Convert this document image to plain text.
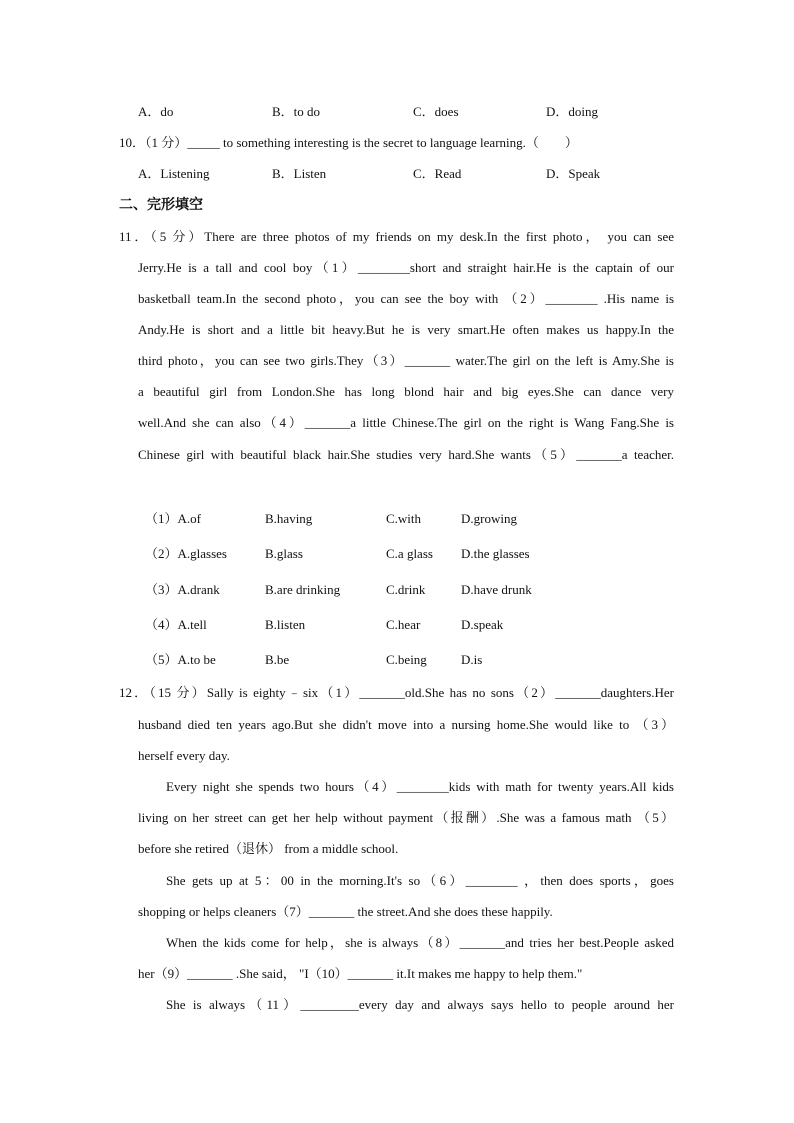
A．do	B．to do	C．does	D．doing
10．（1 分）_____ to something interesting is the secret to language learning.（　　）
A．Listening	B．Listen	C．Read	D．Speak
二、完形填空
11．（5 分）There are three photos of my friends on my desk.In the first photo， you can see
Jerry.He is a tall and cool boy（1）________short and straight hair.He is the captain of our
basketball team.In the second photo，you can see the boy with （2）________ .His name is
Andy.He is short and a little bit heavy.But he is very smart.He often makes us happy.In the
third photo，you can see two girls.They（3）_______ water.The girl on the left is Amy.She is
a beautiful girl from London.She has long blond hair and big eyes.She can dance very
well.And she can also（4）_______a little Chinese.The girl on the right is Wang Fang.She is
Chinese girl with beautiful black hair.She studies very hard.She wants（5）_______a teacher.
（1）A.of	B.having	C.with	D.growing
（2）A.glasses	B.glass	C.a glass D.the glasses
（3）A.drank	B.are drinking	C.drink	D.have drunk
（4）A.tell	B.listen	C.hear	D.speak
（5）A.to be	B.be	C.being	D.is
12．（15 分）Sally is eighty﹣six（1）_______old.She has no sons（2）_______daughters.Her
husband died ten years ago.But she didn't move into a nursing home.She would like to （3）
herself every day.
Every night she spends two hours（4）________kids with math for twenty years.All kids
living on her street can get her help without payment（报酬）.She was a famous math （5）
before she retired（退休） from a middle school.
She gets up at 5：00 in the morning.It's so（6）________ ，then does sports，goes
shopping or helps cleaners（7）_______ the street.And she does these happily.
When the kids come for help，she is always（8）_______and tries her best.People asked
her（9）_______ .She said， "I（10）_______ it.It makes me happy to help them."
She is always（11）_________every day and always says hello to people around her
